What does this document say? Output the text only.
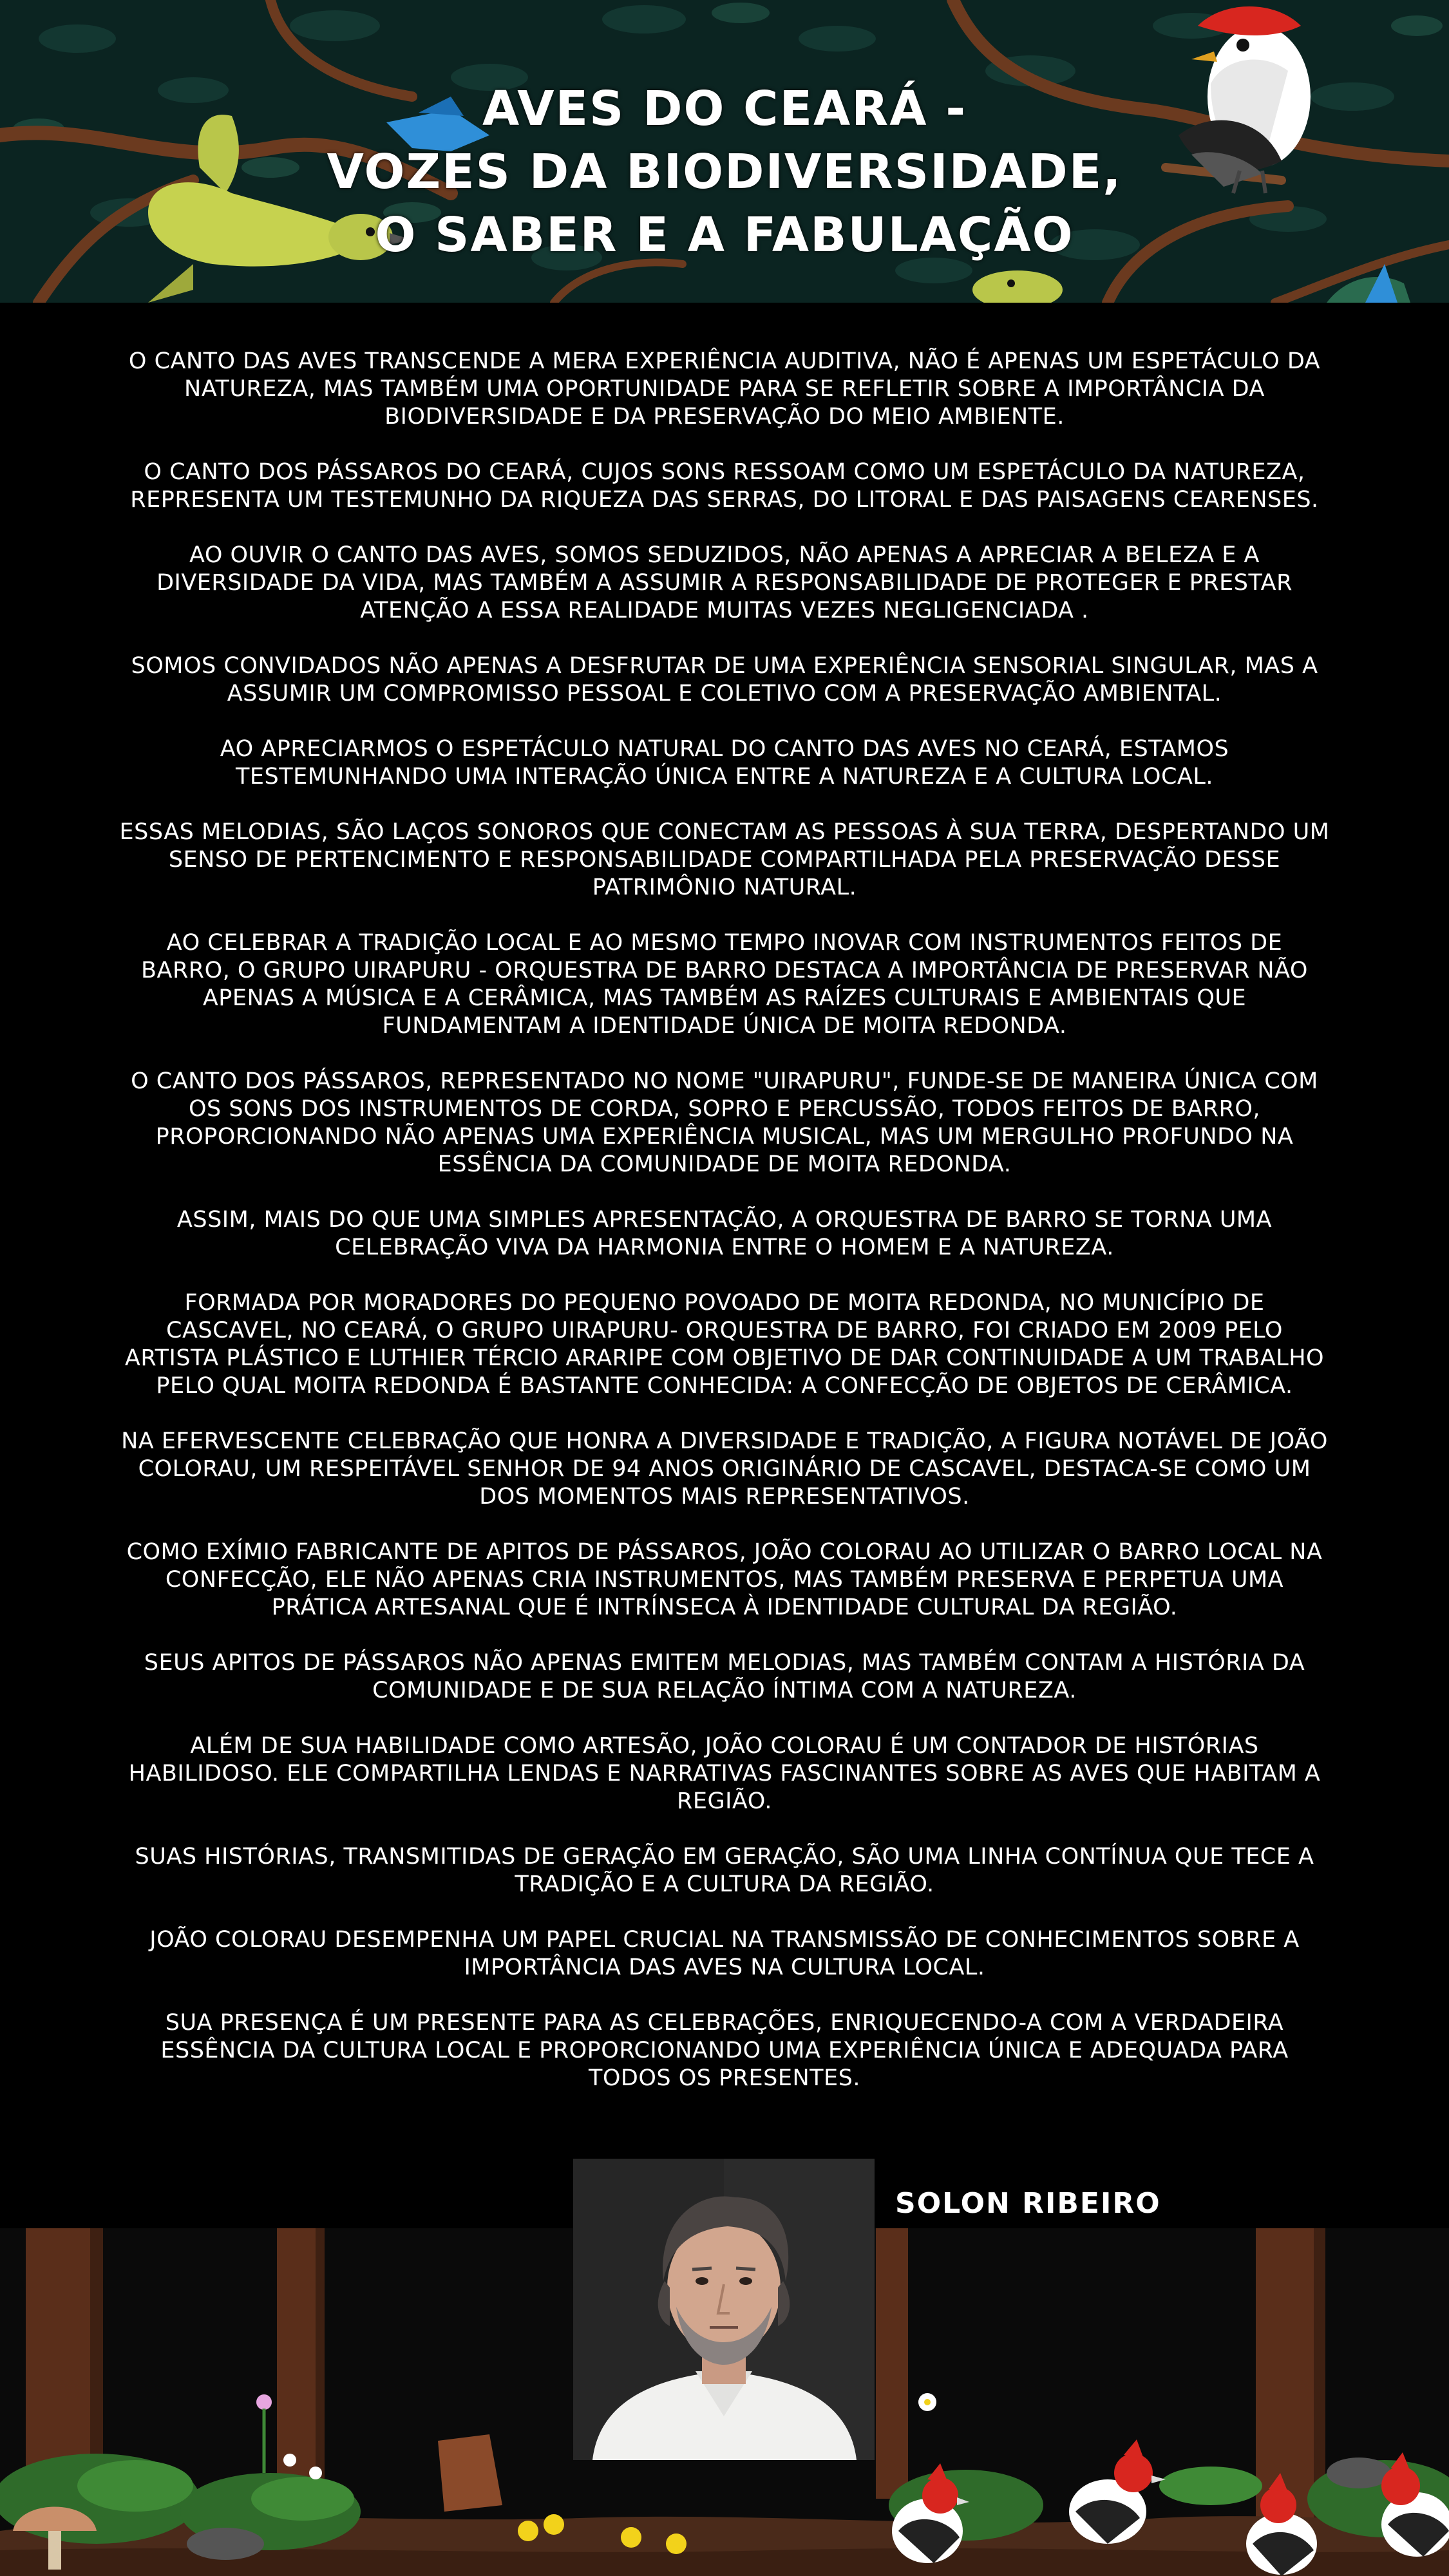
AVES DO CEARÁ -
VOZES DA BIODIVERSIDADE,
O SABER E A FABULAÇÃO

O CANTO DAS AVES TRANSCENDE A MERA EXPERIÊNCIA AUDITIVA, NÃO É APENAS UM ESPETÁCULO DA NATUREZA, MAS TAMBÉM UMA OPORTUNIDADE PARA SE REFLETIR SOBRE A IMPORTÂNCIA DA BIODIVERSIDADE E DA PRESERVAÇÃO DO MEIO AMBIENTE.

O CANTO DOS PÁSSAROS DO CEARÁ, CUJOS SONS RESSOAM COMO UM ESPETÁCULO DA NATUREZA, REPRESENTA UM TESTEMUNHO DA RIQUEZA DAS SERRAS, DO LITORAL E DAS PAISAGENS CEARENSES.

AO OUVIR O CANTO DAS AVES, SOMOS SEDUZIDOS, NÃO APENAS A APRECIAR A BELEZA E A DIVERSIDADE DA VIDA, MAS TAMBÉM A ASSUMIR A RESPONSABILIDADE DE PROTEGER E PRESTAR ATENÇÃO A ESSA REALIDADE MUITAS VEZES NEGLIGENCIADA .

SOMOS CONVIDADOS NÃO APENAS A DESFRUTAR DE UMA EXPERIÊNCIA SENSORIAL SINGULAR, MAS A ASSUMIR UM COMPROMISSO PESSOAL E COLETIVO COM A PRESERVAÇÃO AMBIENTAL.

AO APRECIARMOS O ESPETÁCULO NATURAL DO CANTO DAS AVES NO CEARÁ, ESTAMOS TESTEMUNHANDO UMA INTERAÇÃO ÚNICA ENTRE A NATUREZA E A CULTURA LOCAL.

ESSAS MELODIAS, SÃO LAÇOS SONOROS QUE CONECTAM AS PESSOAS À SUA TERRA, DESPERTANDO UM SENSO DE PERTENCIMENTO E RESPONSABILIDADE COMPARTILHADA PELA PRESERVAÇÃO DESSE PATRIMÔNIO NATURAL.

AO CELEBRAR A TRADIÇÃO LOCAL E AO MESMO TEMPO INOVAR COM INSTRUMENTOS FEITOS DE BARRO, O GRUPO UIRAPURU - ORQUESTRA DE BARRO DESTACA A IMPORTÂNCIA DE PRESERVAR NÃO APENAS A MÚSICA E A CERÂMICA, MAS TAMBÉM AS RAÍZES CULTURAIS E AMBIENTAIS QUE FUNDAMENTAM A IDENTIDADE ÚNICA DE MOITA REDONDA.

O CANTO DOS PÁSSAROS, REPRESENTADO NO NOME "UIRAPURU", FUNDE-SE DE MANEIRA ÚNICA COM OS SONS DOS INSTRUMENTOS DE CORDA, SOPRO E PERCUSSÃO, TODOS FEITOS DE BARRO, PROPORCIONANDO NÃO APENAS UMA EXPERIÊNCIA MUSICAL, MAS UM MERGULHO PROFUNDO NA ESSÊNCIA DA COMUNIDADE DE MOITA REDONDA.

ASSIM, MAIS DO QUE UMA SIMPLES APRESENTAÇÃO, A ORQUESTRA DE BARRO SE TORNA UMA CELEBRAÇÃO VIVA DA HARMONIA ENTRE O HOMEM E A NATUREZA.

FORMADA POR MORADORES DO PEQUENO POVOADO DE MOITA REDONDA, NO MUNICÍPIO DE CASCAVEL, NO CEARÁ, O GRUPO UIRAPURU- ORQUESTRA DE BARRO, FOI CRIADO EM 2009 PELO ARTISTA PLÁSTICO E LUTHIER TÉRCIO ARARIPE COM OBJETIVO DE DAR CONTINUIDADE A UM TRABALHO PELO QUAL MOITA REDONDA É BASTANTE CONHECIDA: A CONFECÇÃO DE OBJETOS DE CERÂMICA.

NA EFERVESCENTE CELEBRAÇÃO QUE HONRA A DIVERSIDADE E TRADIÇÃO, A FIGURA NOTÁVEL DE JOÃO COLORAU, UM RESPEITÁVEL SENHOR DE 94 ANOS ORIGINÁRIO DE CASCAVEL, DESTACA-SE COMO UM DOS MOMENTOS MAIS REPRESENTATIVOS.

COMO EXÍMIO FABRICANTE DE APITOS DE PÁSSAROS, JOÃO COLORAU AO UTILIZAR O BARRO LOCAL NA CONFECÇÃO, ELE NÃO APENAS CRIA INSTRUMENTOS, MAS TAMBÉM PRESERVA E PERPETUA UMA PRÁTICA ARTESANAL QUE É INTRÍNSECA À IDENTIDADE CULTURAL DA REGIÃO.

SEUS APITOS DE PÁSSAROS NÃO APENAS EMITEM MELODIAS, MAS TAMBÉM CONTAM A HISTÓRIA DA COMUNIDADE E DE SUA RELAÇÃO ÍNTIMA COM A NATUREZA.

ALÉM DE SUA HABILIDADE COMO ARTESÃO, JOÃO COLORAU É UM CONTADOR DE HISTÓRIAS HABILIDOSO. ELE COMPARTILHA LENDAS E NARRATIVAS FASCINANTES SOBRE AS AVES QUE HABITAM A REGIÃO.

SUAS HISTÓRIAS, TRANSMITIDAS DE GERAÇÃO EM GERAÇÃO, SÃO UMA LINHA CONTÍNUA QUE TECE A TRADIÇÃO E A CULTURA DA REGIÃO.

JOÃO COLORAU DESEMPENHA UM PAPEL CRUCIAL NA TRANSMISSÃO DE CONHECIMENTOS SOBRE A IMPORTÂNCIA DAS AVES NA CULTURA LOCAL.

SUA PRESENÇA É UM PRESENTE PARA AS CELEBRAÇÕES, ENRIQUECENDO-A COM A VERDADEIRA ESSÊNCIA DA CULTURA LOCAL E PROPORCIONANDO UMA EXPERIÊNCIA ÚNICA E ADEQUADA PARA TODOS OS PRESENTES.

SOLON RIBEIRO
